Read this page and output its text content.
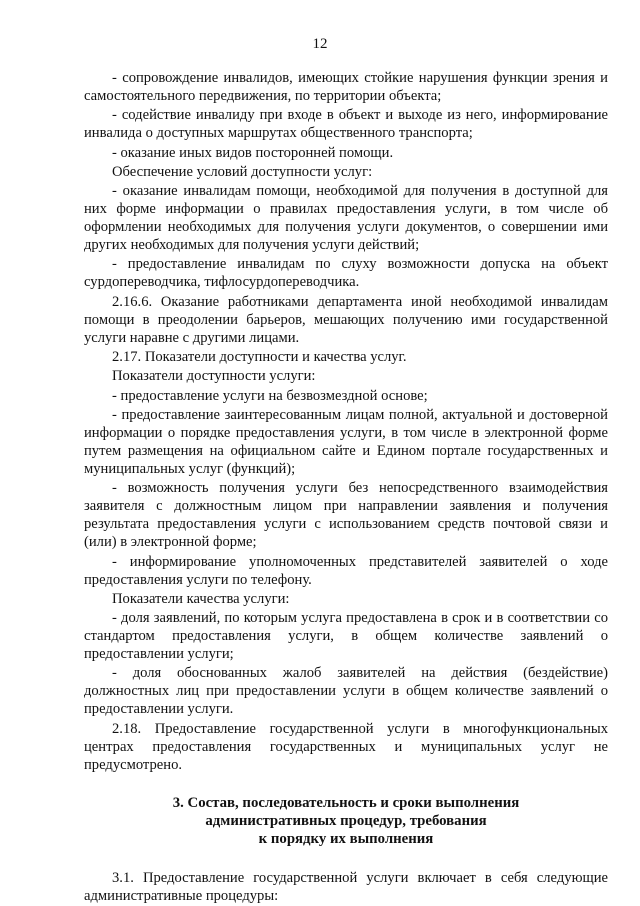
12

- сопровождение инвалидов, имеющих стойкие нарушения функции зрения и самостоятельного передвижения, по территории объекта;

- содействие инвалиду при входе в объект и выходе из него, информирование инвалида о доступных маршрутах общественного транспорта;

- оказание иных видов посторонней помощи.

Обеспечение условий доступности услуг:

- оказание инвалидам помощи, необходимой для получения в доступной для них форме информации о правилах предоставления услуги, в том числе об оформлении необходимых для получения услуги документов, о совершении ими других необходимых для получения услуги действий;

- предоставление инвалидам по слуху возможности допуска на объект сурдопереводчика, тифлосурдопереводчика.

2.16.6. Оказание работниками департамента иной необходимой инвалидам помощи в преодолении барьеров, мешающих получению ими государственной услуги наравне с другими лицами.

2.17. Показатели доступности и качества услуг.

Показатели доступности услуги:

- предоставление услуги на безвозмездной основе;

- предоставление заинтересованным лицам полной, актуальной и достоверной информации о порядке предоставления услуги, в том числе в электронной форме путем размещения на официальном сайте и Едином портале государственных и муниципальных услуг (функций);

- возможность получения услуги без непосредственного взаимодействия заявителя с должностным лицом при направлении заявления и получения результата предоставления услуги с использованием средств почтовой связи и (или) в электронной форме;

- информирование уполномоченных представителей заявителей о ходе предоставления услуги по телефону.

Показатели качества услуги:

- доля заявлений, по которым услуга предоставлена в срок и в соответствии со стандартом предоставления услуги, в общем количестве заявлений о предоставлении услуги;

- доля обоснованных жалоб заявителей на действия (бездействие) должностных лиц при предоставлении услуги в общем количестве заявлений о предоставлении услуги.

2.18. Предоставление государственной услуги в многофункциональных центрах предоставления государственных и муниципальных услуг не предусмотрено.

3. Состав, последовательность и сроки выполнения
административных процедур, требования
к порядку их выполнения

3.1. Предоставление государственной услуги включает в себя следующие административные процедуры:
